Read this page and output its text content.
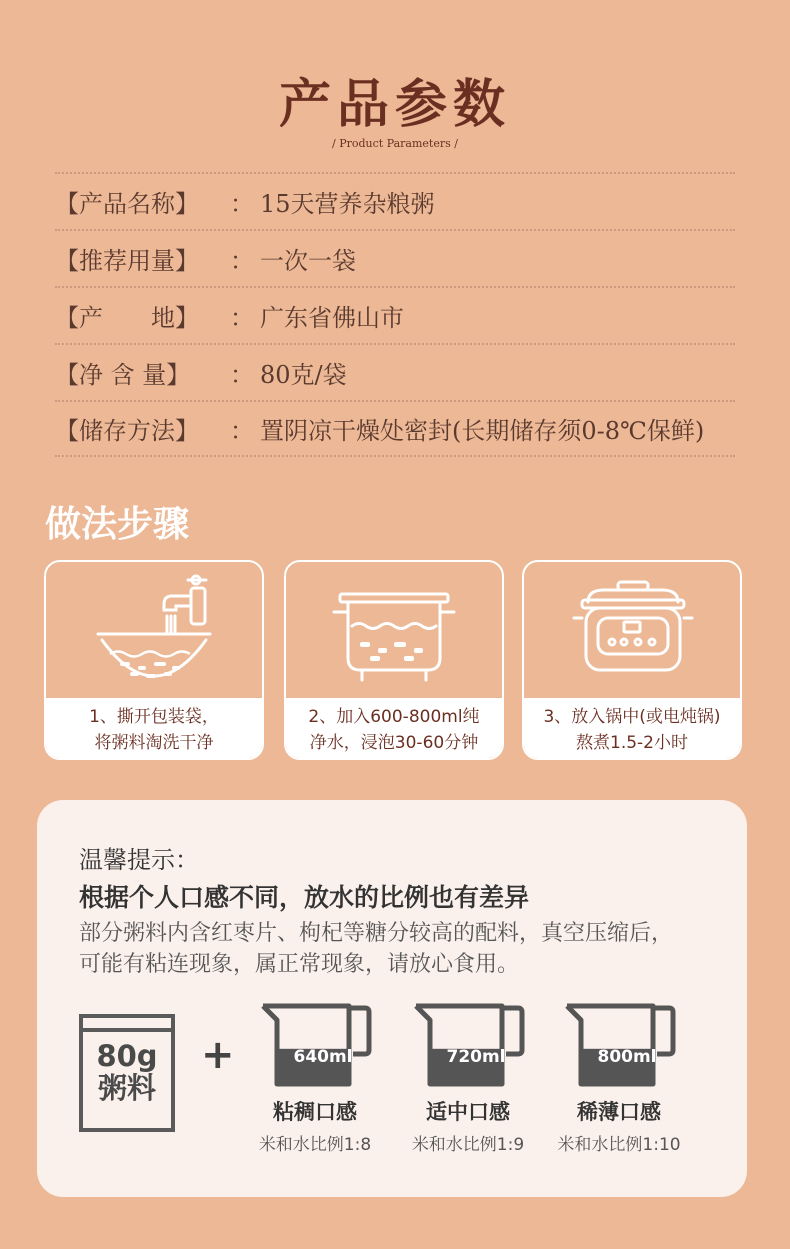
产品参数
/ Product Parameters /
【产品名称】	： 15天营养杂粮粥
【推荐用量】	： 一次一袋
【产　　地】	： 广东省佛山市
【净 含 量】	： 80克/袋
【储存方法】	： 置阴凉干燥处密封(长期储存须0-8℃保鲜)
做法步骤
1、撕开包装袋，
将粥料淘洗干净
2、加入600-800ml纯
净水，浸泡30-60分钟
3、放入锅中(或电炖锅)
熬煮1.5-2小时
温馨提示：
根据个人口感不同，放水的比例也有差异
部分粥料内含红枣片、枸杞等糖分较高的配料，真空压缩后，
可能有粘连现象，属正常现象，请放心食用。
80g
粥料
+	640ml
粘稠口感
米和水比例1:8
720ml
适中口感
米和水比例1:9
800ml
稀薄口感
米和水比例1:10
